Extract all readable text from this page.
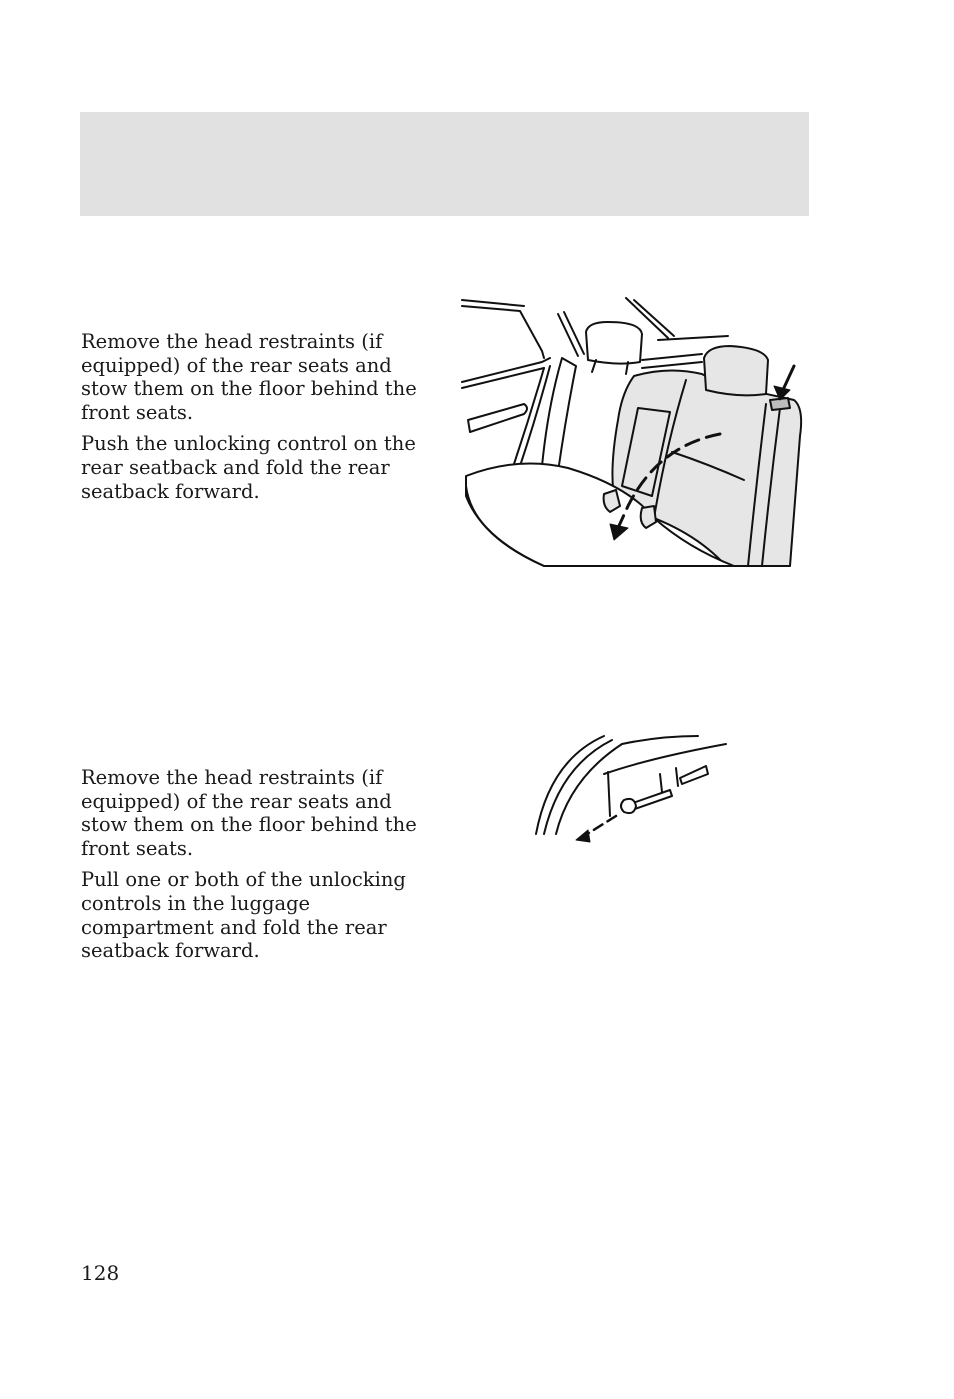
Remove the head restraints (if equipped) of the rear seats and stow them on the floor behind the front seats.

Push the unlocking control on the rear seatback and fold the rear seatback forward.

Remove the head restraints (if equipped) of the rear seats and stow them on the floor behind the front seats.

Pull one or both of the unlocking controls in the luggage compartment and fold the rear seatback forward.

128
